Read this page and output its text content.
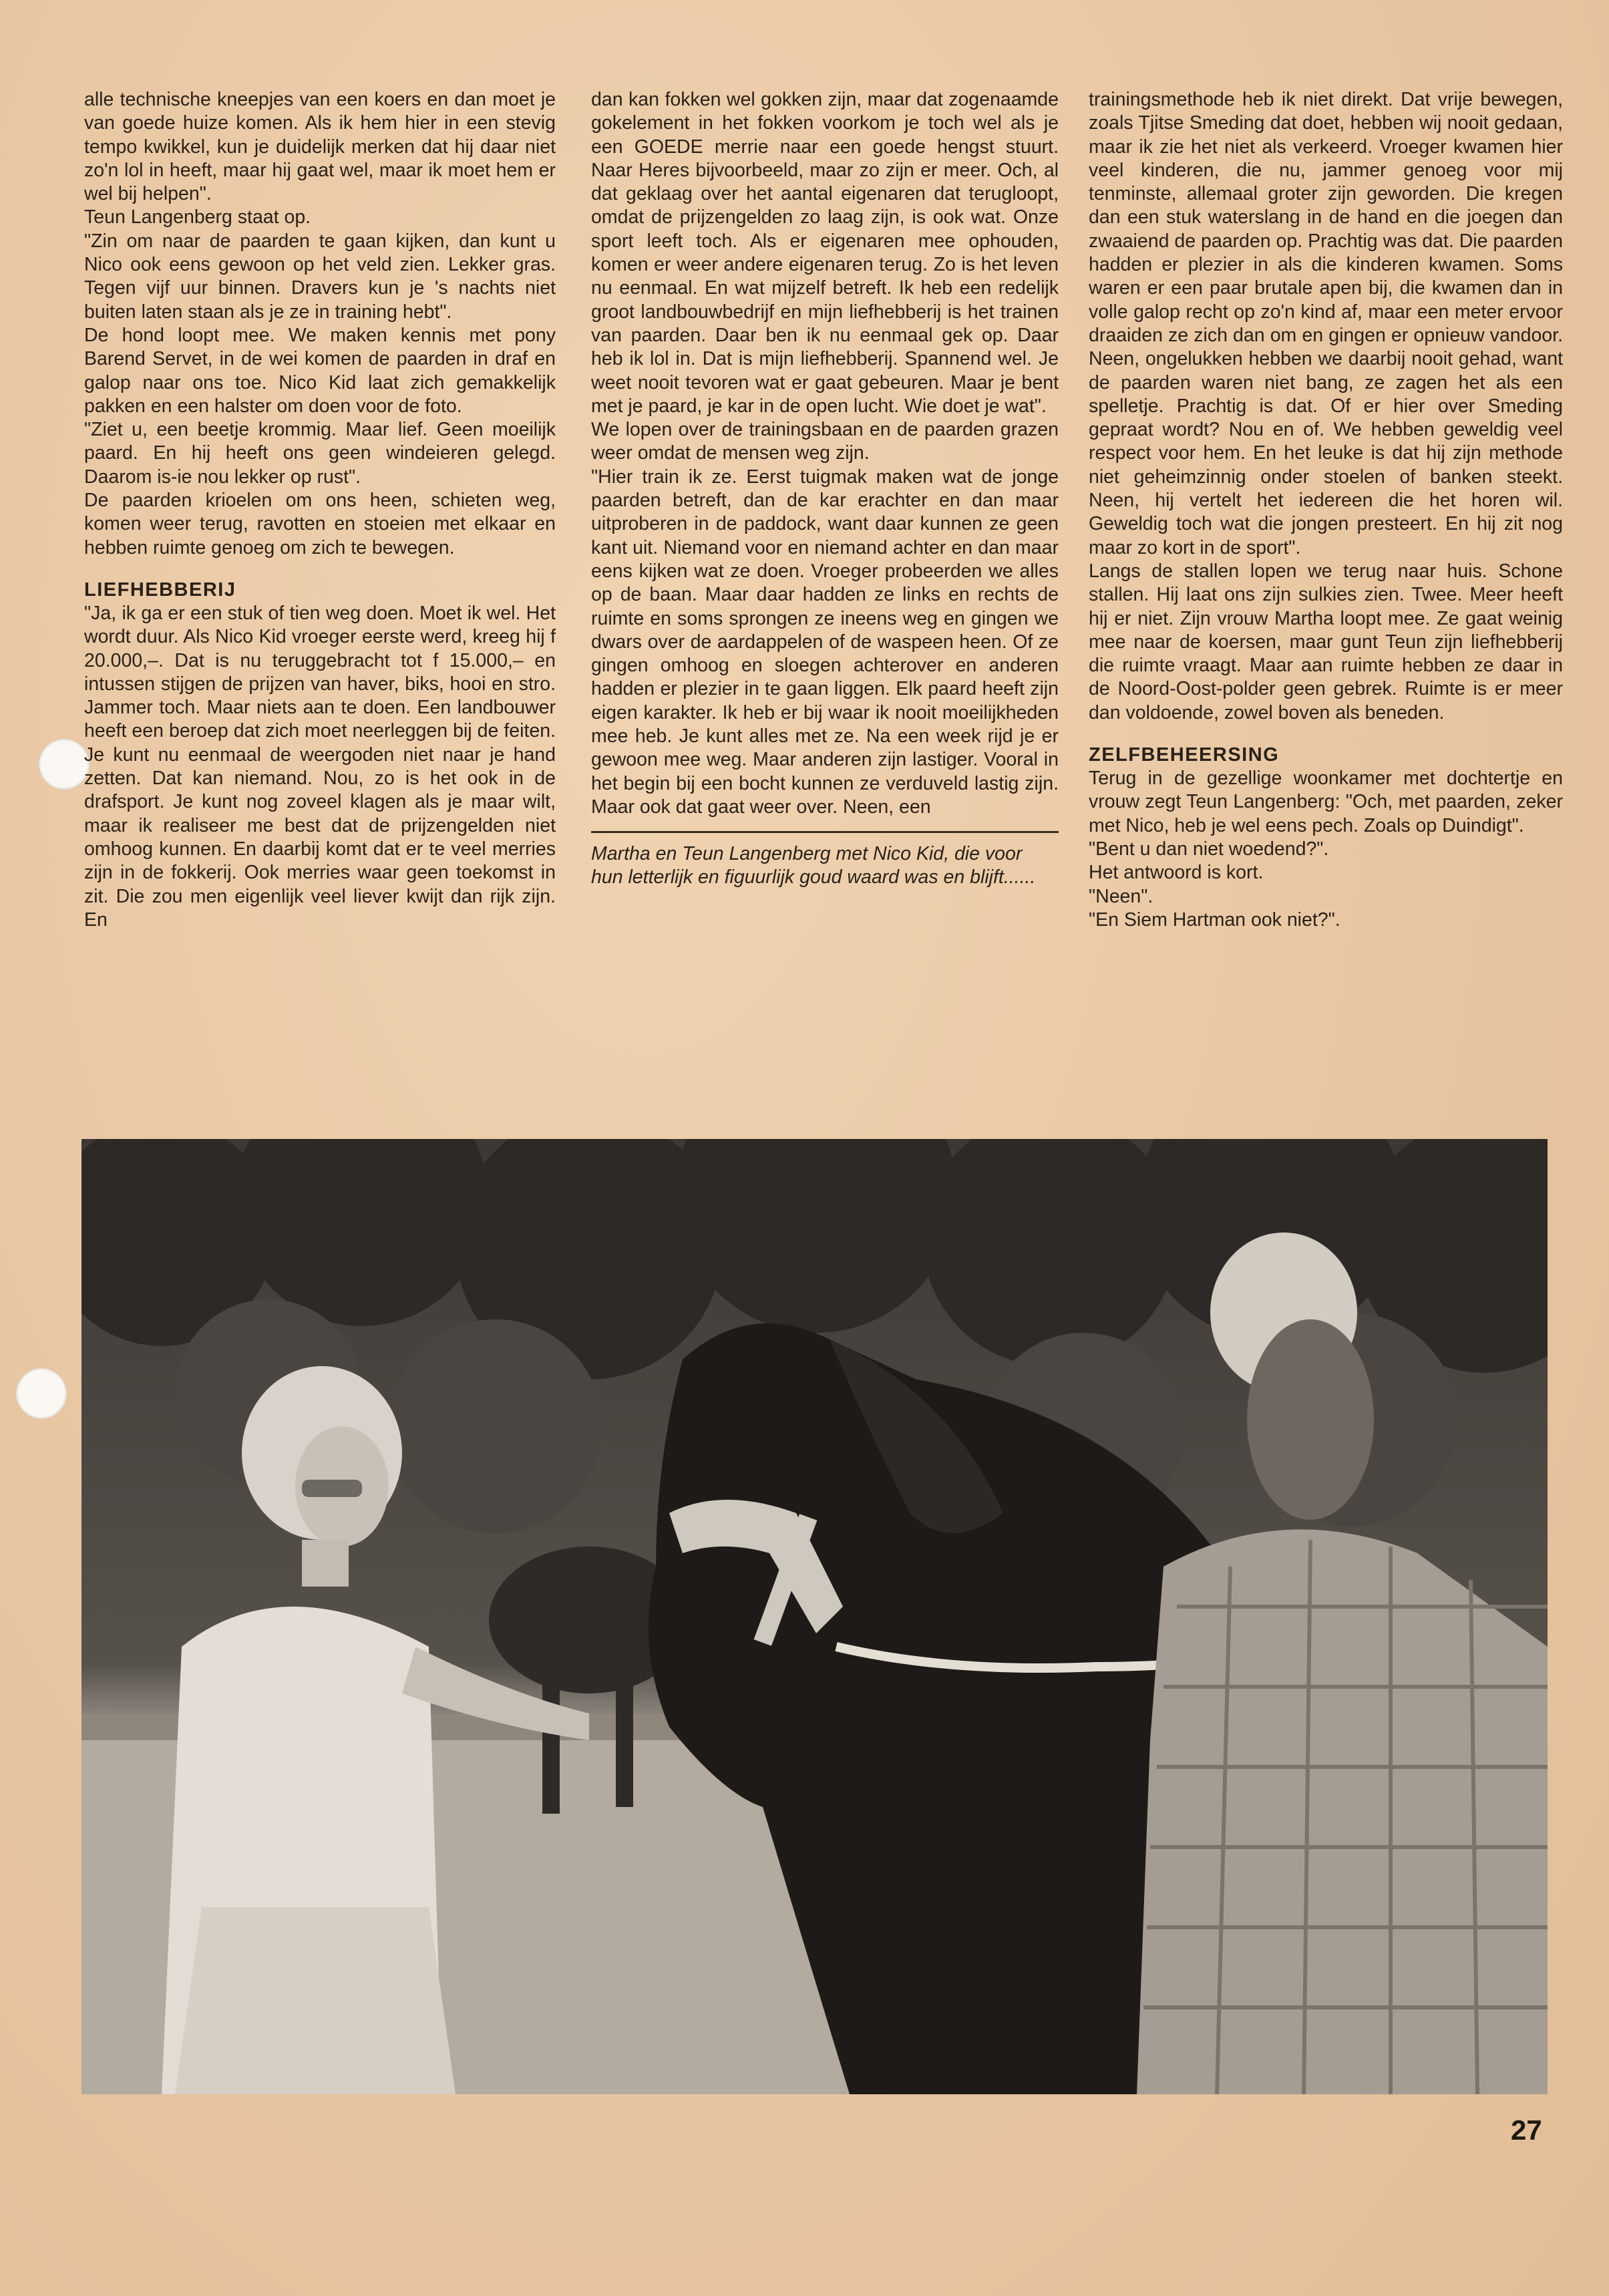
alle technische kneepjes van een koers en dan moet je van goede huize komen. Als ik hem hier in een stevig tempo kwikkel, kun je duidelijk merken dat hij daar niet zo'n lol in heeft, maar hij gaat wel, maar ik moet hem er wel bij helpen".

Teun Langenberg staat op.

"Zin om naar de paarden te gaan kijken, dan kunt u Nico ook eens gewoon op het veld zien. Lekker gras. Tegen vijf uur binnen. Dravers kun je 's nachts niet buiten laten staan als je ze in training hebt".

De hond loopt mee. We maken kennis met pony Barend Servet, in de wei komen de paarden in draf en galop naar ons toe. Nico Kid laat zich gemakkelijk pakken en een halster om doen voor de foto.

"Ziet u, een beetje krommig. Maar lief. Geen moeilijk paard. En hij heeft ons geen windeieren gelegd. Daarom is-ie nou lekker op rust".

De paarden krioelen om ons heen, schieten weg, komen weer terug, ravotten en stoeien met elkaar en hebben ruimte genoeg om zich te bewegen.

LIEFHEBBERIJ

"Ja, ik ga er een stuk of tien weg doen. Moet ik wel. Het wordt duur. Als Nico Kid vroeger eerste werd, kreeg hij f 20.000,–. Dat is nu teruggebracht tot f 15.000,– en intussen stijgen de prijzen van haver, biks, hooi en stro. Jammer toch. Maar niets aan te doen. Een landbouwer heeft een beroep dat zich moet neerleggen bij de feiten. Je kunt nu eenmaal de weergoden niet naar je hand zetten. Dat kan niemand. Nou, zo is het ook in de drafsport. Je kunt nog zoveel klagen als je maar wilt, maar ik realiseer me best dat de prijzengelden niet omhoog kunnen. En daarbij komt dat er te veel merries zijn in de fokkerij. Ook merries waar geen toekomst in zit. Die zou men eigenlijk veel liever kwijt dan rijk zijn. En

dan kan fokken wel gokken zijn, maar dat zogenaamde gokelement in het fokken voorkom je toch wel als je een GOEDE merrie naar een goede hengst stuurt. Naar Heres bijvoorbeeld, maar zo zijn er meer. Och, al dat geklaag over het aantal eigenaren dat terugloopt, omdat de prijzengelden zo laag zijn, is ook wat. Onze sport leeft toch. Als er eigenaren mee ophouden, komen er weer andere eigenaren terug. Zo is het leven nu eenmaal. En wat mijzelf betreft. Ik heb een redelijk groot landbouwbedrijf en mijn liefhebberij is het trainen van paarden. Daar ben ik nu eenmaal gek op. Daar heb ik lol in. Dat is mijn liefhebberij. Spannend wel. Je weet nooit tevoren wat er gaat gebeuren. Maar je bent met je paard, je kar in de open lucht. Wie doet je wat".

We lopen over de trainingsbaan en de paarden grazen weer omdat de mensen weg zijn.

"Hier train ik ze. Eerst tuigmak maken wat de jonge paarden betreft, dan de kar erachter en dan maar uitproberen in de paddock, want daar kunnen ze geen kant uit. Niemand voor en niemand achter en dan maar eens kijken wat ze doen. Vroeger probeerden we alles op de baan. Maar daar hadden ze links en rechts de ruimte en soms sprongen ze ineens weg en gingen we dwars over de aardappelen of de waspeen heen. Of ze gingen omhoog en sloegen achterover en anderen hadden er plezier in te gaan liggen. Elk paard heeft zijn eigen karakter. Ik heb er bij waar ik nooit moeilijkheden mee heb. Je kunt alles met ze. Na een week rijd je er gewoon mee weg. Maar anderen zijn lastiger. Vooral in het begin bij een bocht kunnen ze verduveld lastig zijn. Maar ook dat gaat weer over. Neen, een

Martha en Teun Langenberg met Nico Kid, die voor hun letterlijk en figuurlijk goud waard was en blijft......

trainingsmethode heb ik niet direkt. Dat vrije bewegen, zoals Tjitse Smeding dat doet, hebben wij nooit gedaan, maar ik zie het niet als verkeerd. Vroeger kwamen hier veel kinderen, die nu, jammer genoeg voor mij tenminste, allemaal groter zijn geworden. Die kregen dan een stuk waterslang in de hand en die joegen dan zwaaiend de paarden op. Prachtig was dat. Die paarden hadden er plezier in als die kinderen kwamen. Soms waren er een paar brutale apen bij, die kwamen dan in volle galop recht op zo'n kind af, maar een meter ervoor draaiden ze zich dan om en gingen er opnieuw vandoor. Neen, ongelukken hebben we daarbij nooit gehad, want de paarden waren niet bang, ze zagen het als een spelletje. Prachtig is dat. Of er hier over Smeding gepraat wordt? Nou en of. We hebben geweldig veel respect voor hem. En het leuke is dat hij zijn methode niet geheimzinnig onder stoelen of banken steekt. Neen, hij vertelt het iedereen die het horen wil. Geweldig toch wat die jongen presteert. En hij zit nog maar zo kort in de sport".

Langs de stallen lopen we terug naar huis. Schone stallen. Hij laat ons zijn sulkies zien. Twee. Meer heeft hij er niet. Zijn vrouw Martha loopt mee. Ze gaat weinig mee naar de koersen, maar gunt Teun zijn liefhebberij die ruimte vraagt. Maar aan ruimte hebben ze daar in de Noord-Oost-polder geen gebrek. Ruimte is er meer dan voldoende, zowel boven als beneden.

ZELFBEHEERSING

Terug in de gezellige woonkamer met dochtertje en vrouw zegt Teun Langenberg: "Och, met paarden, zeker met Nico, heb je wel eens pech. Zoals op Duindigt".

"Bent u dan niet woedend?".

Het antwoord is kort.

"Neen".

"En Siem Hartman ook niet?".

27
